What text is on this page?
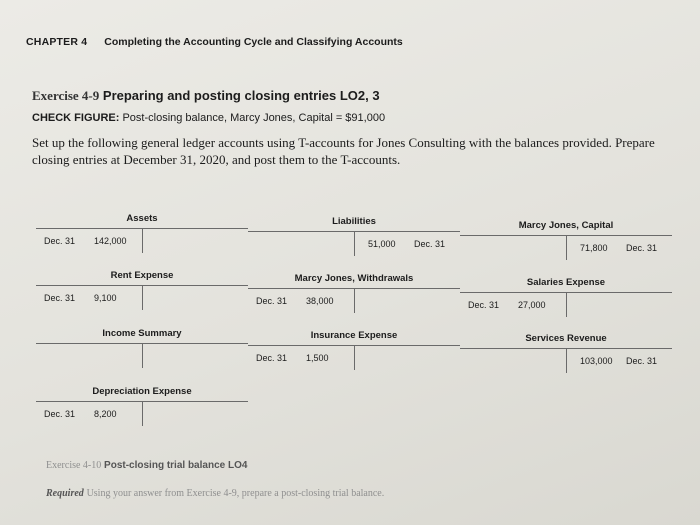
CHAPTER 4 Completing the Accounting Cycle and Classifying Accounts
Exercise 4-9 Preparing and posting closing entries LO2, 3
CHECK FIGURE: Post-closing balance, Marcy Jones, Capital = $91,000
Set up the following general ledger accounts using T-accounts for Jones Consulting with the balances provided. Prepare closing entries at December 31, 2020, and post them to the T-accounts.
Assets
Dec. 31 142,000
Liabilities
51,000 Dec. 31
Marcy Jones, Capital
71,800 Dec. 31
Rent Expense
Dec. 31 9,100
Marcy Jones, Withdrawals
Dec. 31 38,000
Salaries Expense
Dec. 31 27,000
Income Summary	Insurance Expense
Dec. 31 1,500
Services Revenue
103,000 Dec. 31
Depreciation Expense
Dec. 31 8,200
Exercise 4-10 Post-closing trial balance LO4
Required Using your answer from Exercise 4-9, prepare a post-closing trial balance.
